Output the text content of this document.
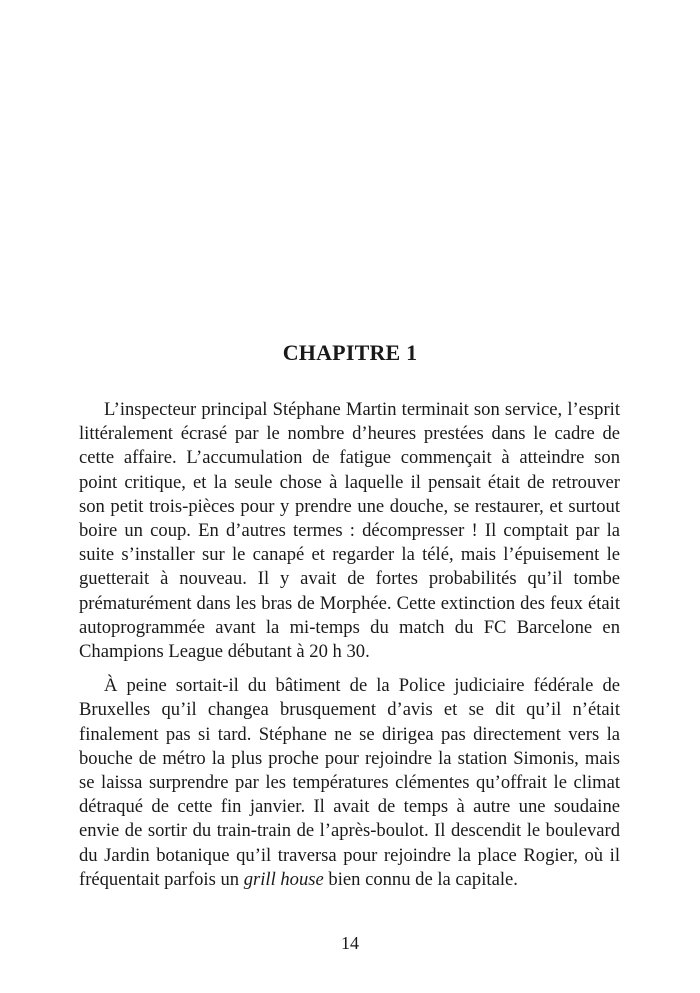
CHAPITRE 1

L’inspecteur principal Stéphane Martin terminait son service, l’esprit littéralement écrasé par le nombre d’heures prestées dans le cadre de cette affaire. L’accumulation de fatigue commençait à atteindre son point critique, et la seule chose à laquelle il pensait était de retrouver son petit trois-pièces pour y prendre une douche, se restaurer, et surtout boire un coup. En d’autres termes : décompresser ! Il comptait par la suite s’installer sur le canapé et regarder la télé, mais l’épuisement le guetterait à nouveau. Il y avait de fortes probabilités qu’il tombe prématurément dans les bras de Morphée. Cette extinction des feux était autoprogrammée avant la mi-temps du match du FC Barcelone en Champions League débutant à 20 h 30.

À peine sortait-il du bâtiment de la Police judiciaire fédérale de Bruxelles qu’il changea brusquement d’avis et se dit qu’il n’était finalement pas si tard. Stéphane ne se dirigea pas directement vers la bouche de métro la plus proche pour rejoindre la station Simonis, mais se laissa surprendre par les températures clémentes qu’offrait le climat détraqué de cette fin janvier. Il avait de temps à autre une soudaine envie de sortir du train-train de l’après-boulot. Il descendit le boulevard du Jardin botanique qu’il traversa pour rejoindre la place Rogier, où il fréquentait parfois un grill house bien connu de la capitale.

14
